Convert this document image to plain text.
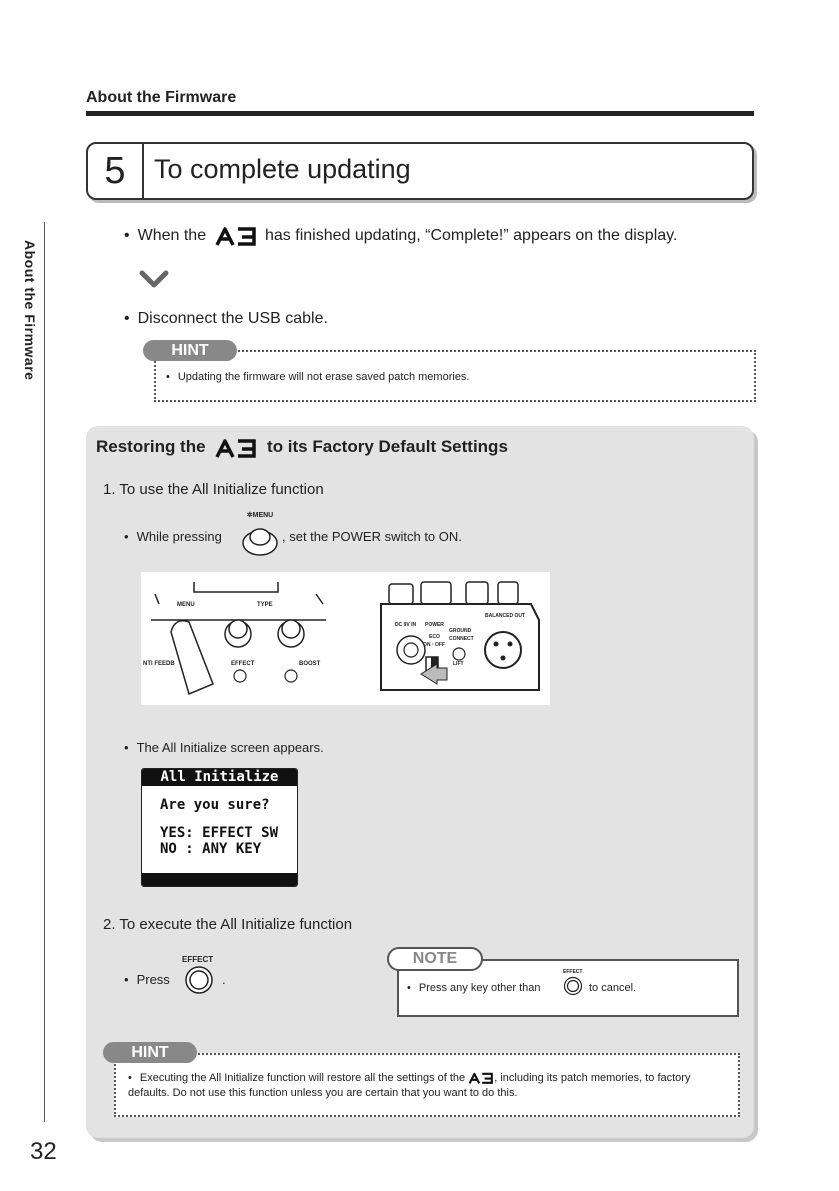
About the Firmware
About the Firmware
32
5	To complete updating
• When the	has finished updating, “Complete!” appears on the display.
• Disconnect the USB cable.
HINT
• Updating the firmware will not erase saved patch memories.
Restoring the	to its Factory Default Settings
1. To use the All Initialize function
• While pressing
✲MENU
, set the POWER switch to ON.
MENU	TYPE
NTI FEEDB	EFFECT	BOOST
DC 9V IN POWER
ECO
ON · OFF
GROUND
CONNECT
LIFT
BALANCED OUT
• The All Initialize screen appears.
All Initialize
Are you sure?
YES: EFFECT SW
NO : ANY KEY
2. To execute the All Initialize function
• Press
EFFECT
.
• Press any key other than
EFFECT
to cancel.
NOTE
HINT
• Executing the All Initialize function will restore all the settings of the	, including its patch memories, to factory defaults. Do not use this function unless you are certain that you want to do this.
